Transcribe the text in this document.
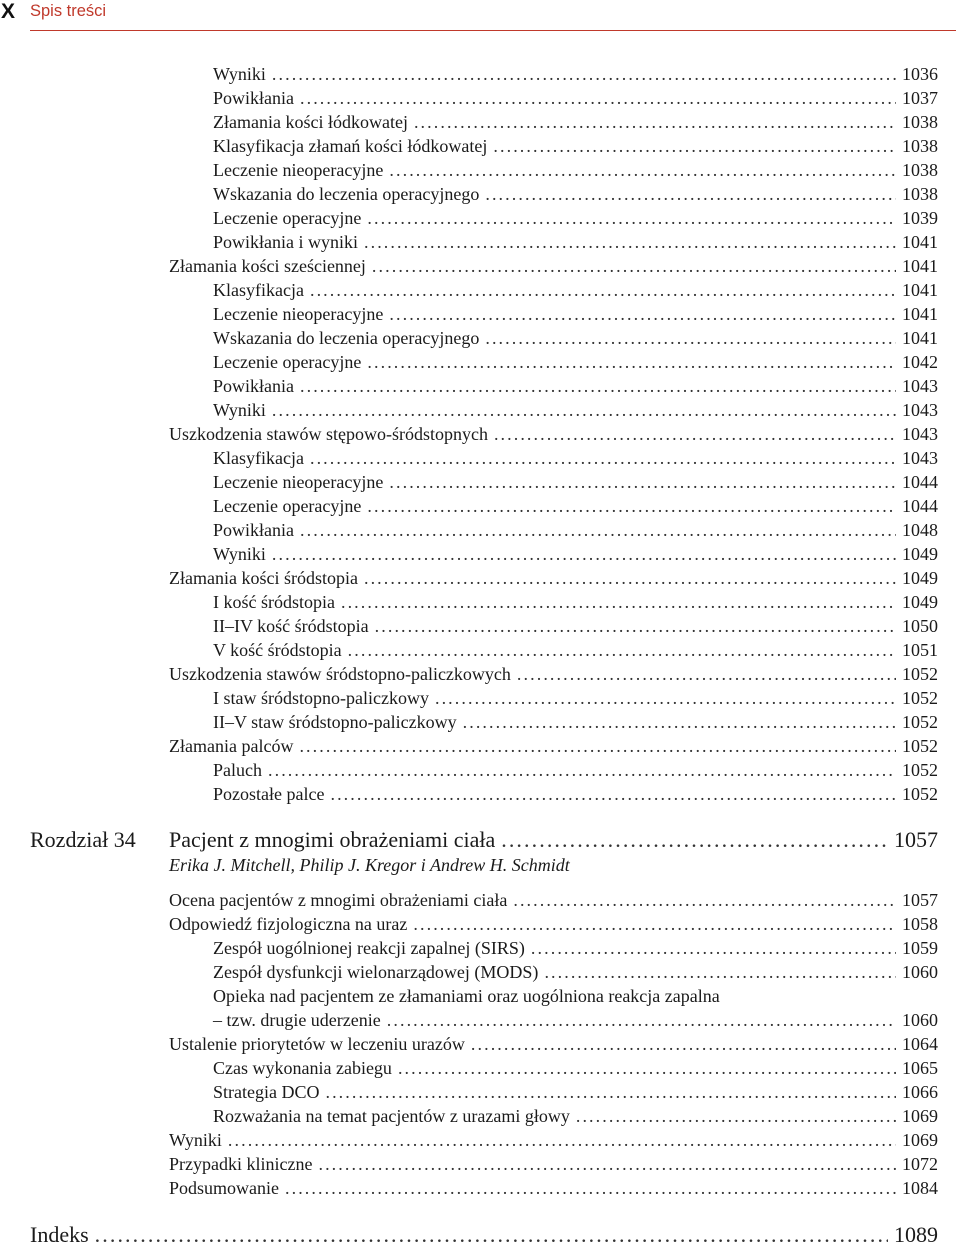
X Spis treści
Wyniki .....	1036
Powikłania .....	1037
Złamania kości łódkowatej .....	1038
Klasyfikacja złamań kości łódkowatej .....	1038
Leczenie nieoperacyjne .....	1038
Wskazania do leczenia operacyjnego .....	1038
Leczenie operacyjne .....	1039
Powikłania i wyniki .....	1041
Złamania kości sześciennej .....	1041
Klasyfikacja .....	1041
Leczenie nieoperacyjne .....	1041
Wskazania do leczenia operacyjnego .....	1041
Leczenie operacyjne .....	1042
Powikłania .....	1043
Wyniki .....	1043
Uszkodzenia stawów stępowo-śródstopnych .....	1043
Klasyfikacja .....	1043
Leczenie nieoperacyjne .....	1044
Leczenie operacyjne .....	1044
Powikłania .....	1048
Wyniki .....	1049
Złamania kości śródstopia .....	1049
I kość śródstopia .....	1049
II–IV kość śródstopia .....	1050
V kość śródstopia .....	1051
Uszkodzenia stawów śródstopno-paliczkowych .....	1052
I staw śródstopno-paliczkowy .....	1052
II–V staw śródstopno-paliczkowy .....	1052
Złamania palców .....	1052
Paluch .....	1052
Pozostałe palce .....	1052
Rozdział 34 Pacjent z mnogimi obrażeniami ciała .....	1057
Erika J. Mitchell, Philip J. Kregor i Andrew H. Schmidt
Ocena pacjentów z mnogimi obrażeniami ciała .....	1057
Odpowiedź fizjologiczna na uraz .....	1058
Zespół uogólnionej reakcji zapalnej (SIRS) .....	1059
Zespół dysfunkcji wielonarządowej (MODS) .....	1060
Opieka nad pacjentem ze złamaniami oraz uogólniona reakcja zapalna
– tzw. drugie uderzenie .....	1060
Ustalenie priorytetów w leczeniu urazów .....	1064
Czas wykonania zabiegu .....	1065
Strategia DCO .....	1066
Rozważania na temat pacjentów z urazami głowy .....	1069
Wyniki .....	1069
Przypadki kliniczne .....	1072
Podsumowanie .....	1084
Indeks .....	1089
